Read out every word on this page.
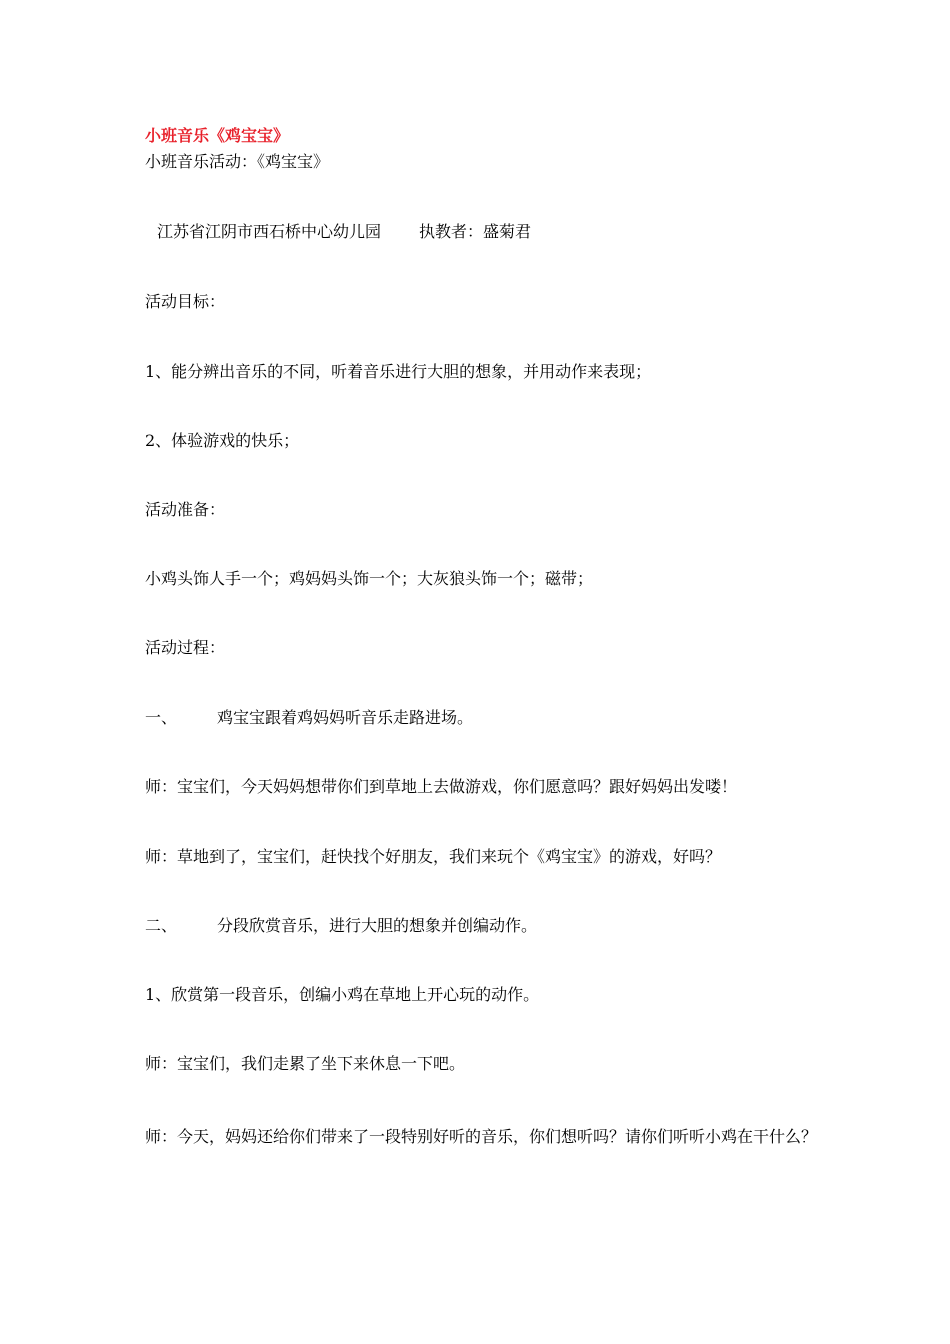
小班音乐《鸡宝宝》
小班音乐活动：《鸡宝宝》
江苏省江阴市西石桥中心幼儿园 执教者：盛菊君
活动目标：
1、能分辨出音乐的不同，听着音乐进行大胆的想象，并用动作来表现；
2、体验游戏的快乐；
活动准备：
小鸡头饰人手一个；鸡妈妈头饰一个；大灰狼头饰一个；磁带；
活动过程：
一、	鸡宝宝跟着鸡妈妈听音乐走路进场。
师：宝宝们，今天妈妈想带你们到草地上去做游戏，你们愿意吗？跟好妈妈出发喽！
师：草地到了，宝宝们，赶快找个好朋友，我们来玩个《鸡宝宝》的游戏，好吗？
二、	分段欣赏音乐，进行大胆的想象并创编动作。
1、欣赏第一段音乐，创编小鸡在草地上开心玩的动作。
师：宝宝们，我们走累了坐下来休息一下吧。
师：今天，妈妈还给你们带来了一段特别好听的音乐，你们想听吗？请你们听听小鸡在干什么？
